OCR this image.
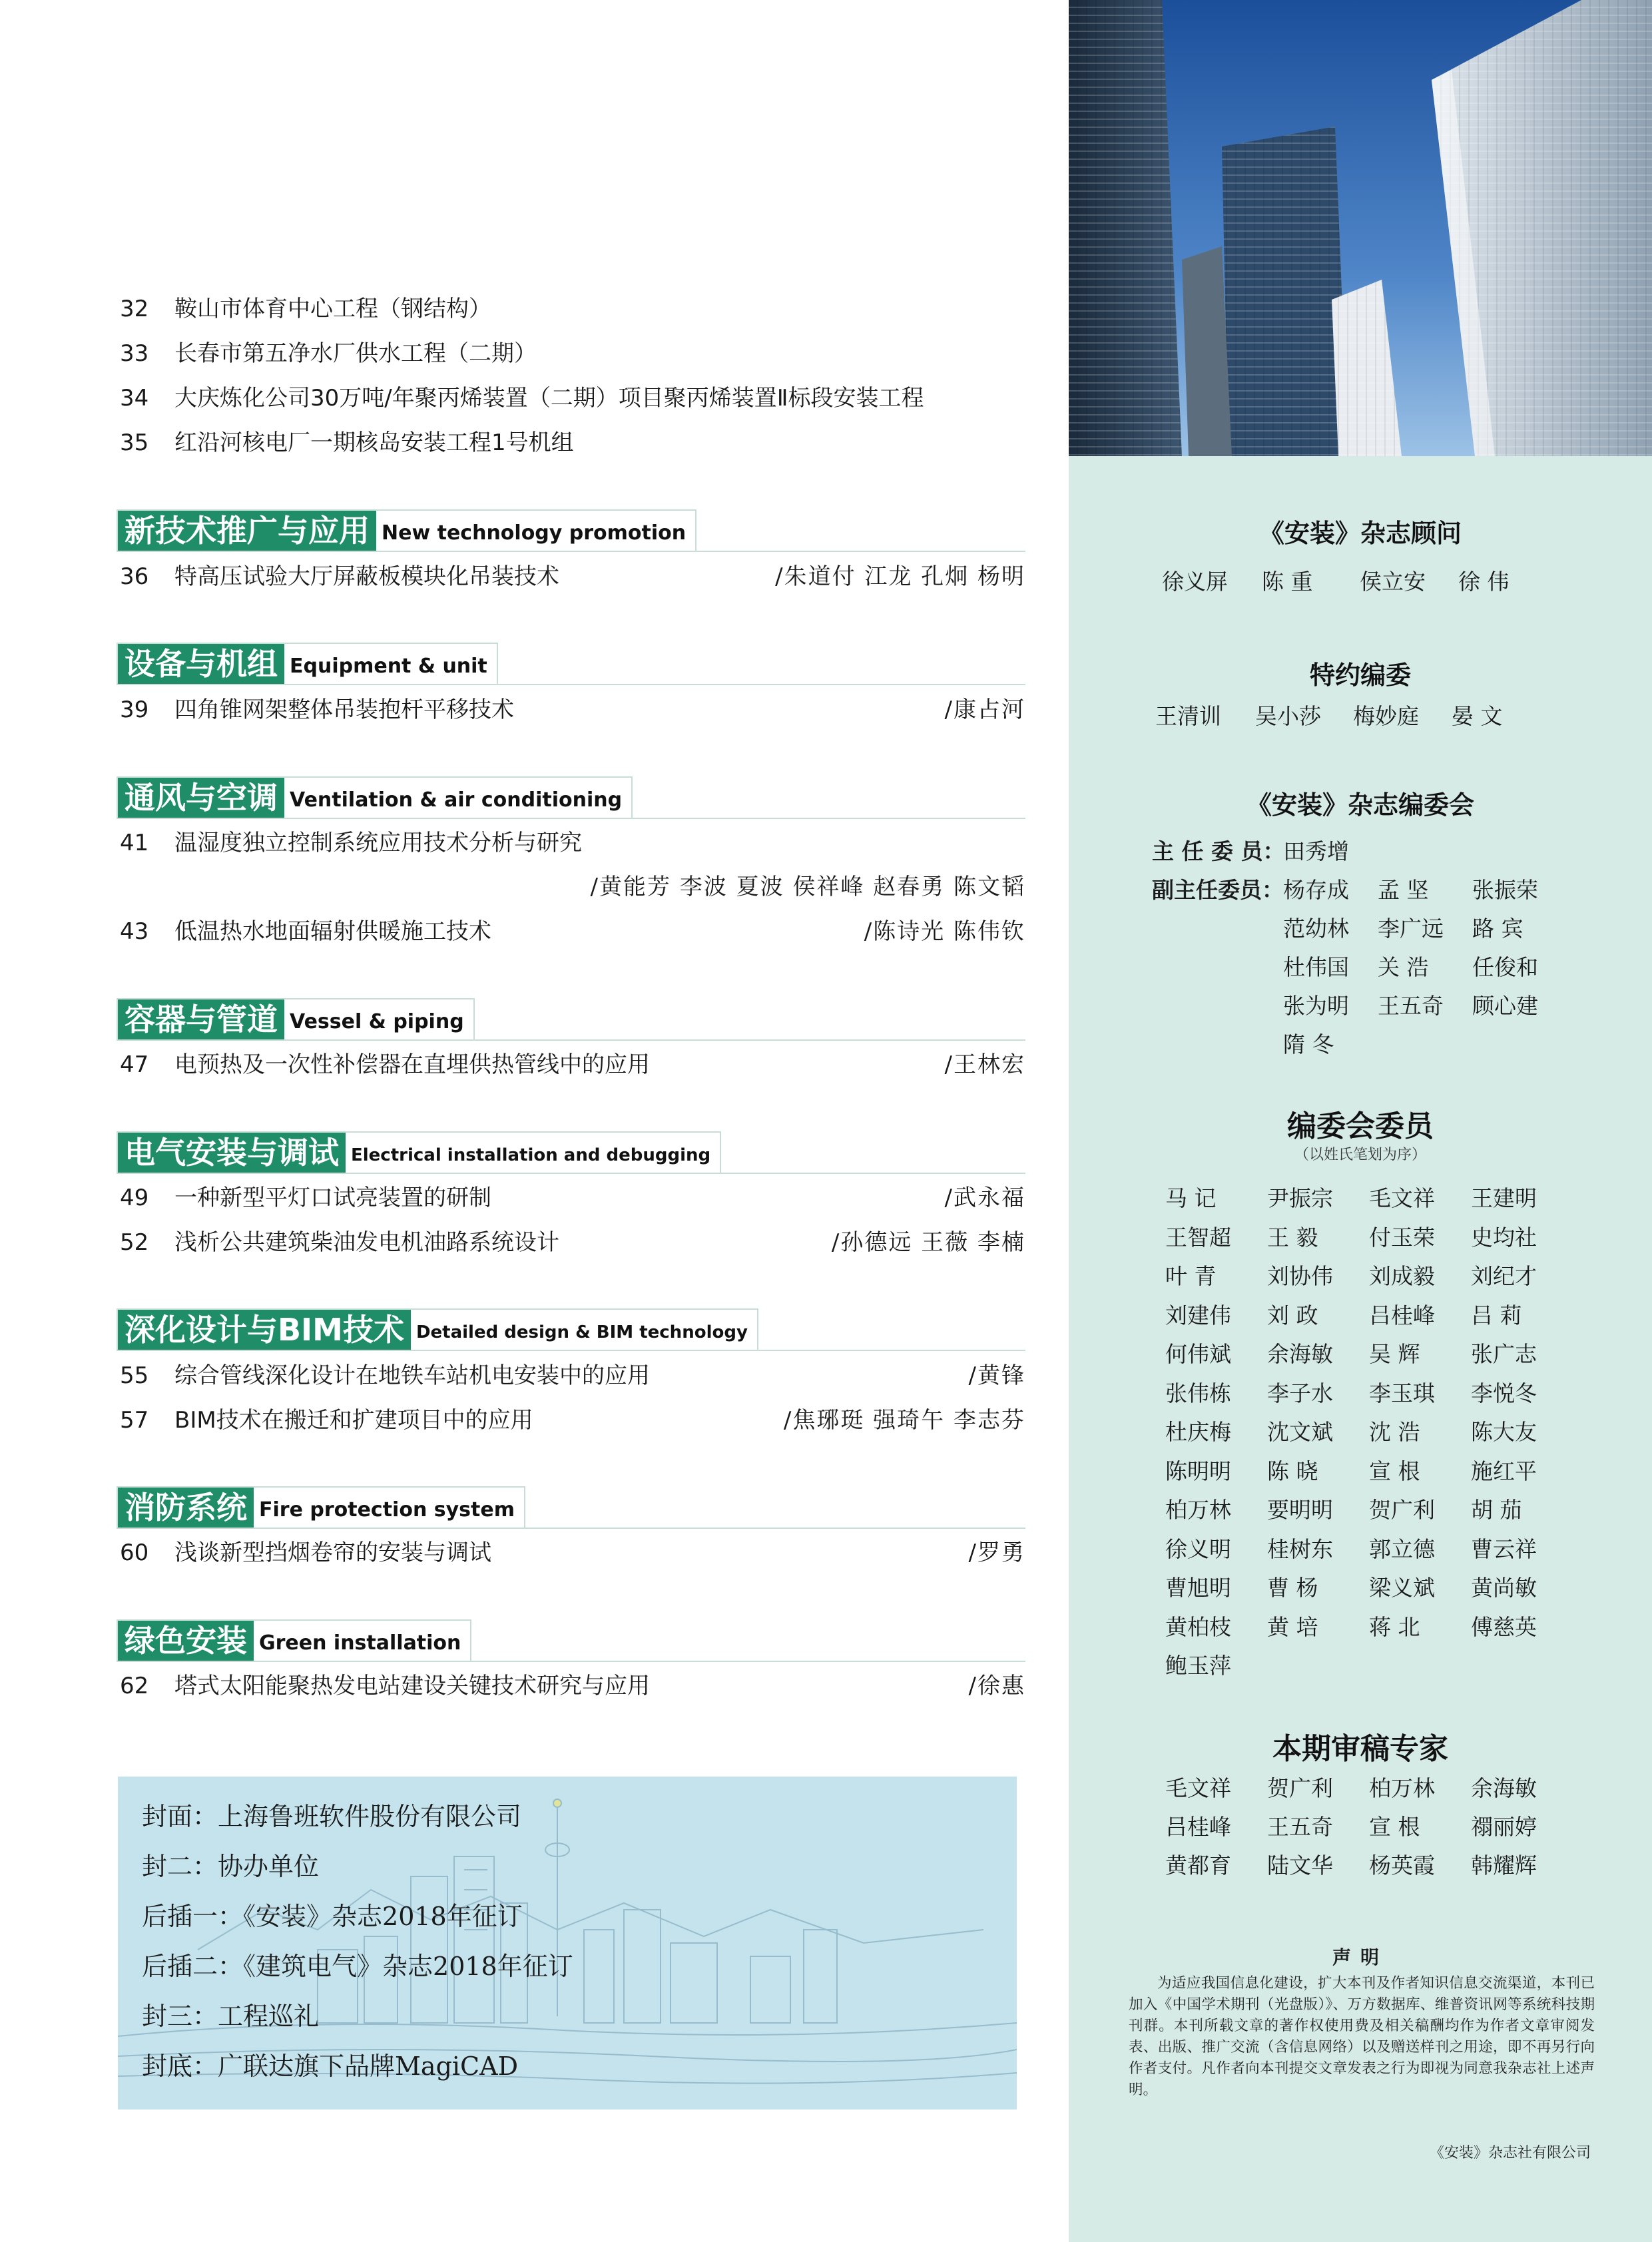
32 鞍山市体育中心工程（钢结构）
33 长春市第五净水厂供水工程（二期）
34 大庆炼化公司30万吨/年聚丙烯装置（二期）项目聚丙烯装置Ⅱ标段安装工程
35 红沿河核电厂一期核岛安装工程1号机组
新技术推广与应用 New technology promotion
36 特高压试验大厅屏蔽板模块化吊装技术	/朱道付 江龙 孔炯 杨明
设备与机组 Equipment & unit
39 四角锥网架整体吊装抱杆平移技术	/康占河
通风与空调 Ventilation & air conditioning
41 温湿度独立控制系统应用技术分析与研究
/黄能芳 李波 夏波 侯祥峰 赵春勇 陈文韬
43 低温热水地面辐射供暖施工技术	/陈诗光 陈伟钦
容器与管道 Vessel & piping
47 电预热及一次性补偿器在直埋供热管线中的应用	/王林宏
电气安装与调试 Electrical installation and debugging
49 一种新型平灯口试亮装置的研制	/武永福
52 浅析公共建筑柴油发电机油路系统设计	/孙德远 王薇 李楠
深化设计与BIM技术 Detailed design & BIM technology
55 综合管线深化设计在地铁车站机电安装中的应用	/黄锋
57 BIM技术在搬迁和扩建项目中的应用	/焦琊珽 强琦午 李志芬
消防系统 Fire protection system
60 浅谈新型挡烟卷帘的安装与调试	/罗勇
绿色安装 Green installation
62 塔式太阳能聚热发电站建设关键技术研究与应用	/徐惠
封面：上海鲁班软件股份有限公司
封二：协办单位
后插一：《安装》杂志2018年征订
后插二：《建筑电气》杂志2018年征订
封三：工程巡礼
封底：广联达旗下品牌MagiCAD
《安装》杂志顾问
徐义屏 陈 重 侯立安 徐 伟
特约编委
王清训 吴小莎 梅妙庭 晏 文
《安装》杂志编委会
主 任 委 员：
田秀增
副主任委员： 杨存成 孟 坚 张振荣
范幼林 李广远 路 宾
杜伟国 关 浩 任俊和
张为明 王五奇 顾心建
隋 冬
编委会委员
（以姓氏笔划为序）
马 记 尹振宗 毛文祥 王建明
王智超 王 毅 付玉荣 史均社
叶 青 刘协伟 刘成毅 刘纪才
刘建伟 刘 政 吕桂峰 吕 莉
何伟斌 余海敏 吴 辉 张广志
张伟栋 李子水 李玉琪 李悦冬
杜庆梅 沈文斌 沈 浩 陈大友
陈明明 陈 晓 宣 根 施红平
柏万林 要明明 贺广利 胡 茄
徐义明 桂树东 郭立德 曹云祥
曹旭明 曹 杨 梁义斌 黄尚敏
黄柏枝 黄 培 蒋 北 傅慈英
鲍玉萍
本期审稿专家
毛文祥 贺广利 柏万林 余海敏
吕桂峰 王五奇 宣 根 禤丽婷
黄都育 陆文华 杨英霞 韩耀辉
声明
为适应我国信息化建设，扩大本刊及作者知识信息交流渠道，本刊已加入《中国学术期刊（光盘版）》、万方数据库、维普资讯网等系统科技期刊群。本刊所载文章的著作权使用费及相关稿酬均作为作者文章审阅发表、出版、推广交流（含信息网络）以及赠送样刊之用途，即不再另行向作者支付。凡作者向本刊提交文章发表之行为即视为同意我杂志社上述声明。
《安装》杂志社有限公司
